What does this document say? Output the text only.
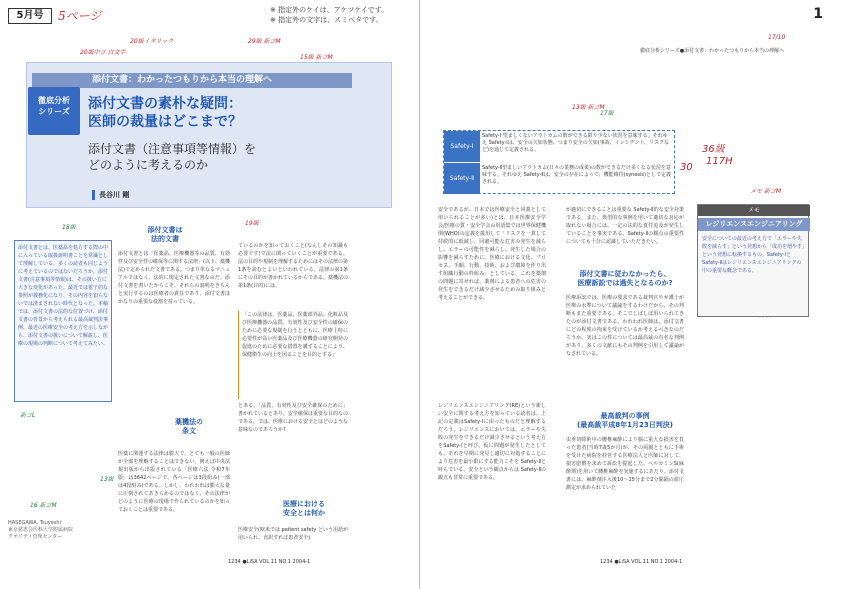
5月号	5ページ	※ 指定外のケイは、アケツケイです。
※ 指定外の文字は、スミベタです。
20級中ゴ 白文字
20級イタリック	29級 新ゴM
15級 新ゴM
19級
18級
13級
新ゴL
16 新ゴM
添付文書：わかったつもりから本当の理解へ
徹底分析
シリーズ	添付文書の素朴な疑問：
医師の裁量はどこまで？
添付文書（注意事項等情報）を
どのように考えるのか
長谷川 剛
添付文書とは、医薬品を処方する際の中に入っている取扱説明書ことを常識として理解している。多くの読者も同じように考えているのではないだろうか。添付文書(注意事項等情報)は、その扱い方に大きな変化があった。最近では電子的な参照が義務化になり、その内容を知らないでは済まされない時代となった。本稿では、添付文書の法的な位置づけ、添付文書の背景から考えられる最高裁判決事例、最近の医療安全の考え方を示しながら、添付文書の扱いについて解説し、医療の現場の判断について考えてみたい。
添付文書は
法的文書
添付文書とは「医薬品、医療機器等の品質、有効性及び安全性の確保等に関する法律」(以下、薬機法)で定められた文書である。つまり単なるマニュアルではなく、法的に規定された文書なのだ。添付文書を書いたからこそ、それらの説明をきちんと実行するのは医療者の責任であり、添付文書はかなりの重要な役割を持っている。
薬機法の
条文
医薬に関連する法律は膨大で、とても一般の医師が全部を理解することはできない。例えば中央法規出版から出版されている「医療六法 令和7年版」は3642ページで、各ページは3段組み(一部は4段組み)である。しかし、われわれは膨大な量に圧倒されてあきらめるのではなく、その法律がどのように医療の現場で作られているのかを知っておくことは重要である。
ているのかを知っておくこと(なんしその知識も必要です)で法に関っていくことが重要である。法の目的や規制を理解するためにはその法律の第1条を読むとよいといわれている。法律の第1条にその目的が書かれているからである。薬機法の第1条(目的)には、
「この法律は、医薬品、医薬部外品、化粧品及び医療機器の品質、有効性及び安全性の確保のために必要な規制を行うとともに、医療上特に必要性が高い医薬品及び医療機器の研究開発の促進のために必要な措置を講ずることにより、保健衛生の向上を図ることを目的とする」
とある。「品質、有効性及び安全確保のために」書かれているとあり、安全確保は重要な目的なのである。では、医療における安全とはどのような意味なのであろうか?
医療における
安全とは何か
医療安全(欧米では patient safety という用語が用いられ、直訳すれば患者安全)
HASEGAWA, Tsuyoshi
東京慈恵会医科大学附属病院
クオリティ管理センター
1234 ●LiSA VOL.11 NO.1 2004-1
1
徹底分析シリーズ●添付文書：わかったつもりから本当の理解へ
17/10
13級 新ゴM
36級
30
117H
メモ 新ゴM
17級
Safety-Ⅰ
Safety-Ⅰ 望ましくないアウトカムの数ができる限り少ない状況を意味する。それゆえ Safety-Ⅰは、安全の欠如状態、つまり安全の欠如(事故、インシデント、リスクなど)を通じて定義される。
Safety-Ⅱ
Safety-Ⅱ望ましいアウトカム(日々の業務の成果)の数ができるだけ多くなる状況を意味する。それゆえ Safety-Ⅱは、安全の存在によって、機能維持(synesis)として定義される。
安全であるが、日本では医療安全と同義として用いられることが多い)とは、日本医療安全学会/医療の質・安全学会の用語集では世界保健機関(WHO)の定義を援用して「リスクを一貫して持続的に低減し、回避可能な危害の発生を減らし、エラーの可能性を減らし、発生した場合の影響を減らすために、医療における文化、プロセス、手順、行動、技術、および環境を作り出す組織行動の枠組み」としている。これを薬剤の問題に寄せれば、薬剤による患者への危害の発生をできるだけ減少させるための取り組みと考えることができる。
レジリエンスエンジニアリング(RE)という新しい安全に関する考え方を知っている読者は、上記の定義はSafety-Ⅰに由ったものだと理解するだろう。レジリエンスにおいては、エラーや失敗の発生をできるだけ減少させるという考え方をSafety-Ⅰと呼び、仮に問題が発生したとしても、それを早期に発見し適切に対処することにより危害を最小限にする能力こそを Safety-Ⅱと呼んでいる。安全という観点からは Safety-Ⅱの観点も非常に重要である。
が適切にできることは重要な Safety-Ⅱ的な安全対策である。また、典型的な事例を用いて適切な対応が取れない場合には、一定の法的な責任追及が発生していることを事実である。Safety-Ⅱの観点の重要性についても十分に認識していただきたい。
添付文書に従わなかったら、
医療訴訟では過失となるのか?
医療訴訟では、医療の要求である裁判官や弁護士が医療の水準について議論をするわけだから、その判断もまた重要である。そこでしばしば用いられてきたのが添付文書である。われわれ医師は、添付文書にどの程度の拘束を受けているか考えるべきなのだろうか。実はこの件については最高裁の有名な判例があり、多くの文献にもその判例を引用して議論がなされている。
最高裁判の事例
(最高裁平成8年1月23日判決)
虫垂切除術中の腰椎麻酔により脳に重大な損害を負った患者(当時7歳5か月)が、その両親とともに手術を受けた病院を経営する医療法人と医師に対して、損害賠償を求めて訴訟を提起した。ペルカミンS(麻酔剤)を用いて腰椎麻酔を実施するにあたり、添付文書には、麻酔剤注入後10〜15分まで2分間隔の血圧測定が求められていた
メモ
レジリエンスエンジニアリング
安全についての最近の考え方で「エラーや失敗を減らす」という発想から「成功を増やす」という発想に転換するもの。Safety-ⅠとSafety-Ⅱはレジリエンスエンジニアリングの中の重要な概念である。
1234 ●LiSA VOL.11 NO.1 2004-1
